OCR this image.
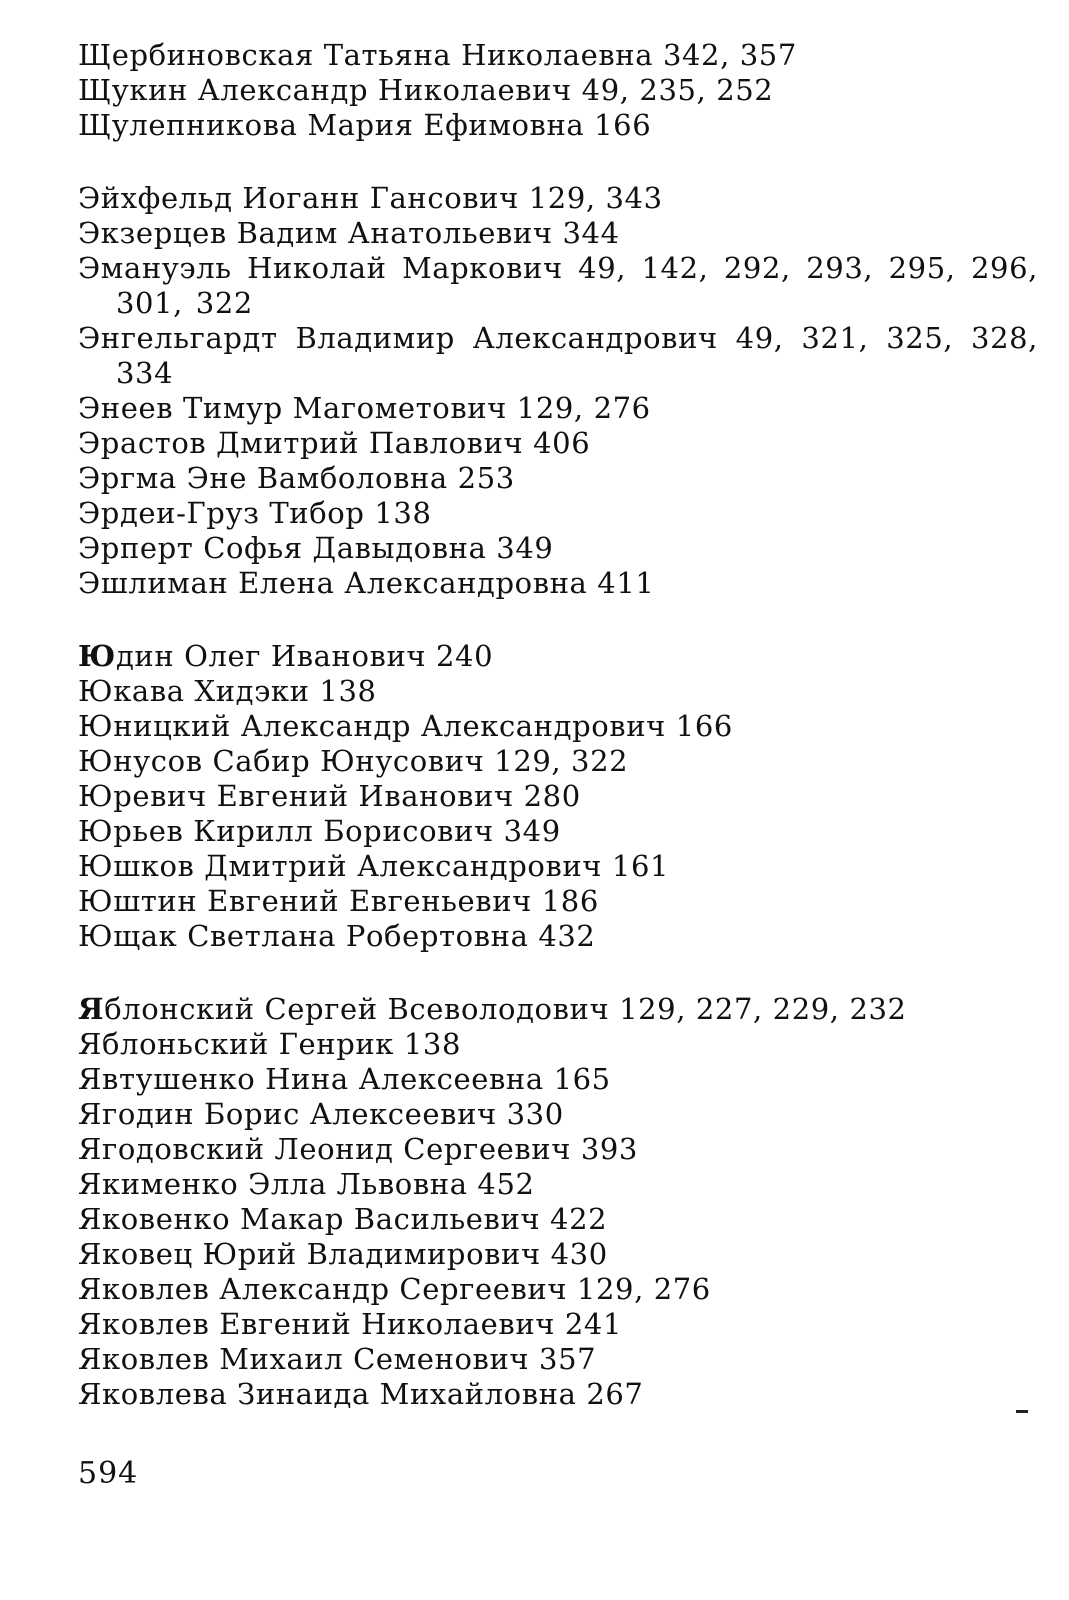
Щербиновская Татьяна Николаевна 342, 357
Щукин Александр Николаевич 49, 235, 252
Щулепникова Мария Ефимовна 166
Эйхфельд Иоганн Гансович 129, 343
Экзерцев Вадим Анатольевич 344
Эмануэль Николай Маркович 49, 142, 292, 293, 295, 296, 301, 322
Энгельгардт Владимир Александрович 49, 321, 325, 328, 334
Энеев Тимур Магометович 129, 276
Эрастов Дмитрий Павлович 406
Эргма Эне Вамболовна 253
Эрдеи-Груз Тибор 138
Эрперт Софья Давыдовна 349
Эшлиман Елена Александровна 411
Юдин Олег Иванович 240
Юкава Хидэки 138
Юницкий Александр Александрович 166
Юнусов Сабир Юнусович 129, 322
Юревич Евгений Иванович 280
Юрьев Кирилл Борисович 349
Юшков Дмитрий Александрович 161
Юштин Евгений Евгеньевич 186
Ющак Светлана Робертовна 432
Яблонский Сергей Всеволодович 129, 227, 229, 232
Яблоньский Генрик 138
Явтушенко Нина Алексеевна 165
Ягодин Борис Алексеевич 330
Ягодовский Леонид Сергеевич 393
Якименко Элла Львовна 452
Яковенко Макар Васильевич 422
Яковец Юрий Владимирович 430
Яковлев Александр Сергеевич 129, 276
Яковлев Евгений Николаевич 241
Яковлев Михаил Семенович 357
Яковлева Зинаида Михайловна 267
594
